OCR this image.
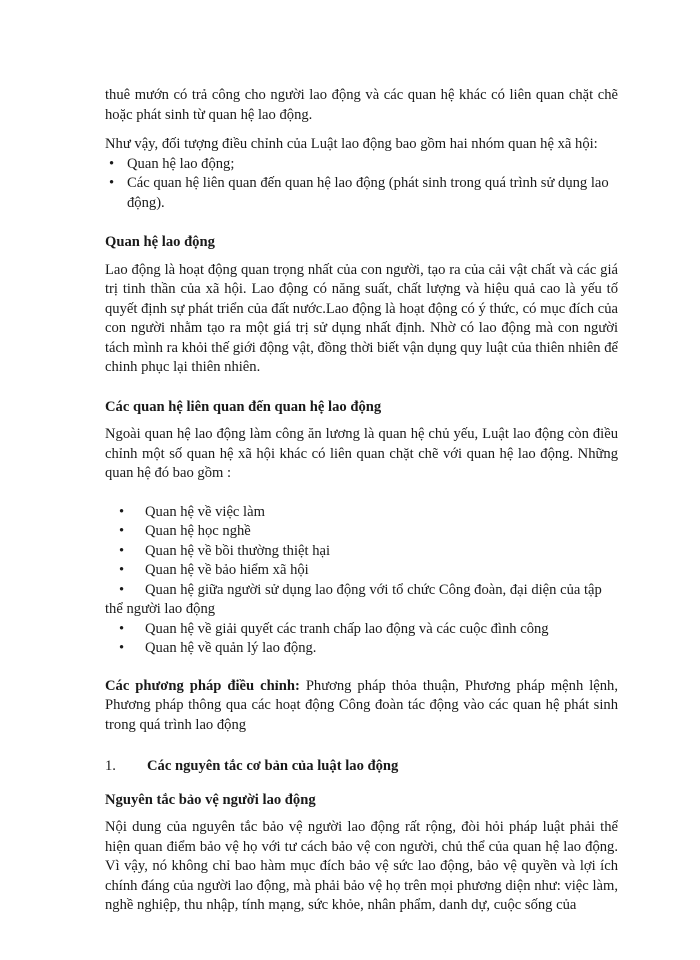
thuê mướn có trả công cho người lao động và các quan hệ khác có liên quan chặt chẽ hoặc phát sinh từ quan hệ lao động.

Như vậy, đối tượng điều chỉnh của Luật lao động bao gồm hai nhóm quan hệ xã hội:

• Quan hệ lao động;
• Các quan hệ liên quan đến quan hệ lao động (phát sinh trong quá trình sử dụng lao động).

Quan hệ lao động

Lao động là hoạt động quan trọng nhất của con người, tạo ra của cải vật chất và các giá trị tinh thần của xã hội. Lao động có năng suất, chất lượng và hiệu quả cao là yếu tố quyết định sự phát triển của đất nước.Lao động là hoạt động có ý thức, có mục đích của con người nhằm tạo ra một giá trị sử dụng nhất định. Nhờ có lao động mà con người tách mình ra khỏi thế giới động vật, đồng thời biết vận dụng quy luật của thiên nhiên để chinh phục lại thiên nhiên.

Các quan hệ liên quan đến quan hệ lao động

Ngoài quan hệ lao động làm công ăn lương là quan hệ chủ yếu, Luật lao động còn điều chỉnh một số quan hệ xã hội khác có liên quan chặt chẽ với quan hệ lao động. Những quan hệ đó bao gồm :

• Quan hệ về việc làm
• Quan hệ học nghề
• Quan hệ về bồi thường thiệt hại
• Quan hệ về bảo hiểm xã hội
• Quan hệ giữa người sử dụng lao động với tổ chức Công đoàn, đại diện của tập thể người lao động
• Quan hệ về giải quyết các tranh chấp lao động và các cuộc đình công
• Quan hệ về quản lý lao động.

Các phương pháp điều chỉnh: Phương pháp thỏa thuận, Phương pháp mệnh lệnh, Phương pháp thông qua các hoạt động Công đoàn tác động vào các quan hệ phát sinh trong quá trình lao động

1.	Các nguyên tắc cơ bản của luật lao động

Nguyên tắc bảo vệ người lao động

Nội dung của nguyên tắc bảo vệ người lao động rất rộng, đòi hỏi pháp luật phải thể hiện quan điểm bảo vệ họ với tư cách bảo vệ con người, chủ thể của quan hệ lao động. Vì vậy, nó không chỉ bao hàm mục đích bảo vệ sức lao động, bảo vệ quyền và lợi ích chính đáng của người lao động, mà phải bảo vệ họ trên mọi phương diện như: việc làm, nghề nghiệp, thu nhập, tính mạng, sức khỏe, nhân phẩm, danh dự, cuộc sống của
